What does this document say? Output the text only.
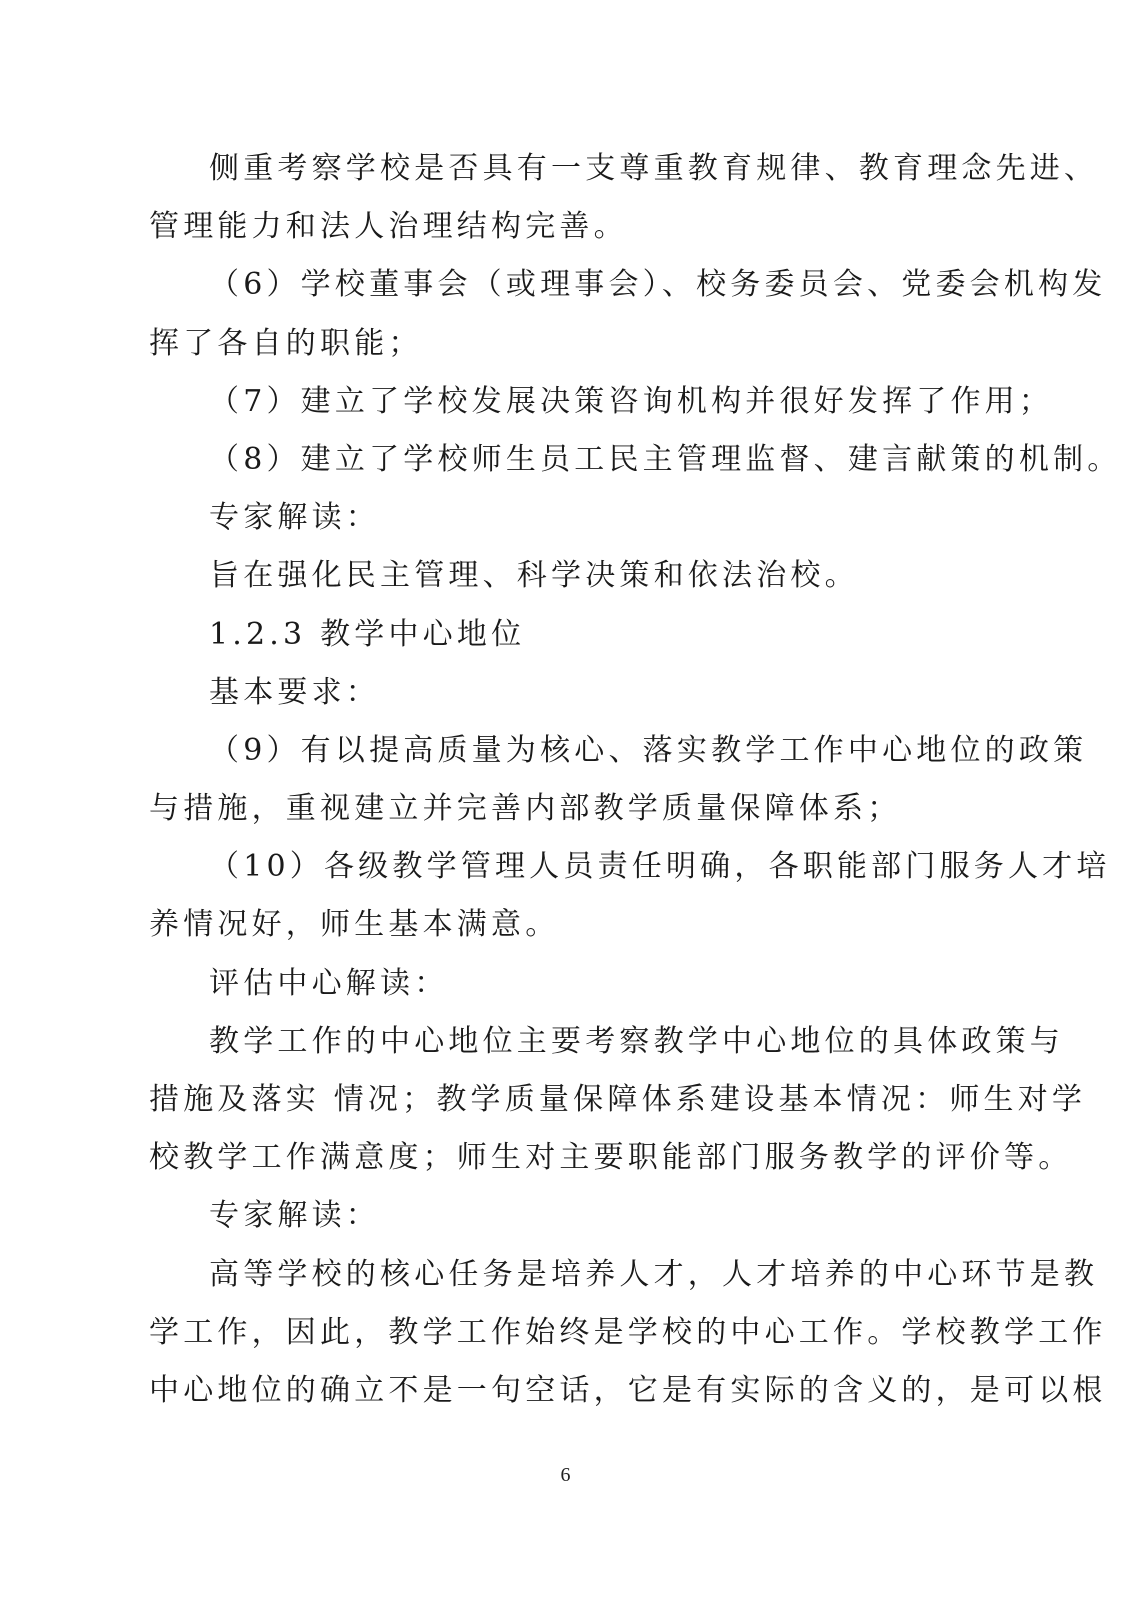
侧重考察学校是否具有一支尊重教育规律、教育理念先进、
管理能力和法人治理结构完善。
（6）学校董事会（或理事会）、校务委员会、党委会机构发
挥了各自的职能；
（7）建立了学校发展决策咨询机构并很好发挥了作用；
（8）建立了学校师生员工民主管理监督、建言献策的机制。
专家解读：
旨在强化民主管理、科学决策和依法治校。
1.2.3 教学中心地位
基本要求：
（9）有以提高质量为核心、落实教学工作中心地位的政策
与措施，重视建立并完善内部教学质量保障体系；
（10）各级教学管理人员责任明确，各职能部门服务人才培
养情况好，师生基本满意。
评估中心解读：
教学工作的中心地位主要考察教学中心地位的具体政策与
措施及落实 情况；教学质量保障体系建设基本情况：师生对学
校教学工作满意度；师生对主要职能部门服务教学的评价等。
专家解读：
高等学校的核心任务是培养人才，人才培养的中心环节是教
学工作，因此，教学工作始终是学校的中心工作。学校教学工作
中心地位的确立不是一句空话，它是有实际的含义的，是可以根
6
